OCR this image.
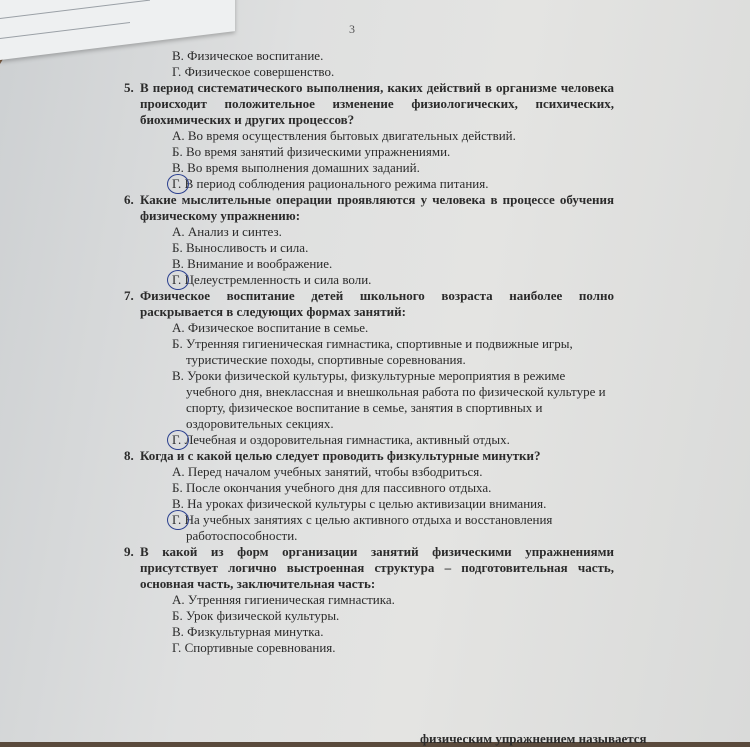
3

В. Физическое воспитание.

Г. Физическое совершенство.

5. В период систематического выполнения, каких действий в организме человека происходит положительное изменение физиологических, психических, биохимических и других процессов?

А. Во время осуществления бытовых двигательных действий.

Б. Во время занятий физическими упражнениями.

В. Во время выполнения домашних заданий.

Г. В период соблюдения рационального режима питания.

6. Какие мыслительные операции проявляются у человека в процессе обучения физическому упражнению:

А. Анализ и синтез.

Б. Выносливость и сила.

В. Внимание и воображение.

Г. Целеустремленность и сила воли.

7. Физическое воспитание детей школьного возраста наиболее полно раскрывается в следующих формах занятий:

А. Физическое воспитание в семье.

Б. Утренняя гигиеническая гимнастика, спортивные и подвижные игры, туристические походы, спортивные соревнования.

В. Уроки физической культуры, физкультурные мероприятия в режиме учебного дня, внеклассная и внешкольная работа по физической культуре и спорту, физическое воспитание в семье, занятия в спортивных и оздоровительных секциях.

Г. Лечебная и оздоровительная гимнастика, активный отдых.

8. Когда и с какой целью следует проводить физкультурные минутки?

А. Перед началом учебных занятий, чтобы взбодриться.

Б. После окончания учебного дня для пассивного отдыха.

В. На уроках физической культуры с целью активизации внимания.

Г. На учебных занятиях с целью активного отдыха и восстановления работоспособности.

9. В какой из форм организации занятий физическими упражнениями присутствует логично выстроенная структура – подготовительная часть, основная часть, заключительная часть:

А. Утренняя гигиеническая гимнастика.

Б. Урок физической культуры.

В. Физкультурная минутка.

Г. Спортивные соревнования.

физическим упражнением называется
